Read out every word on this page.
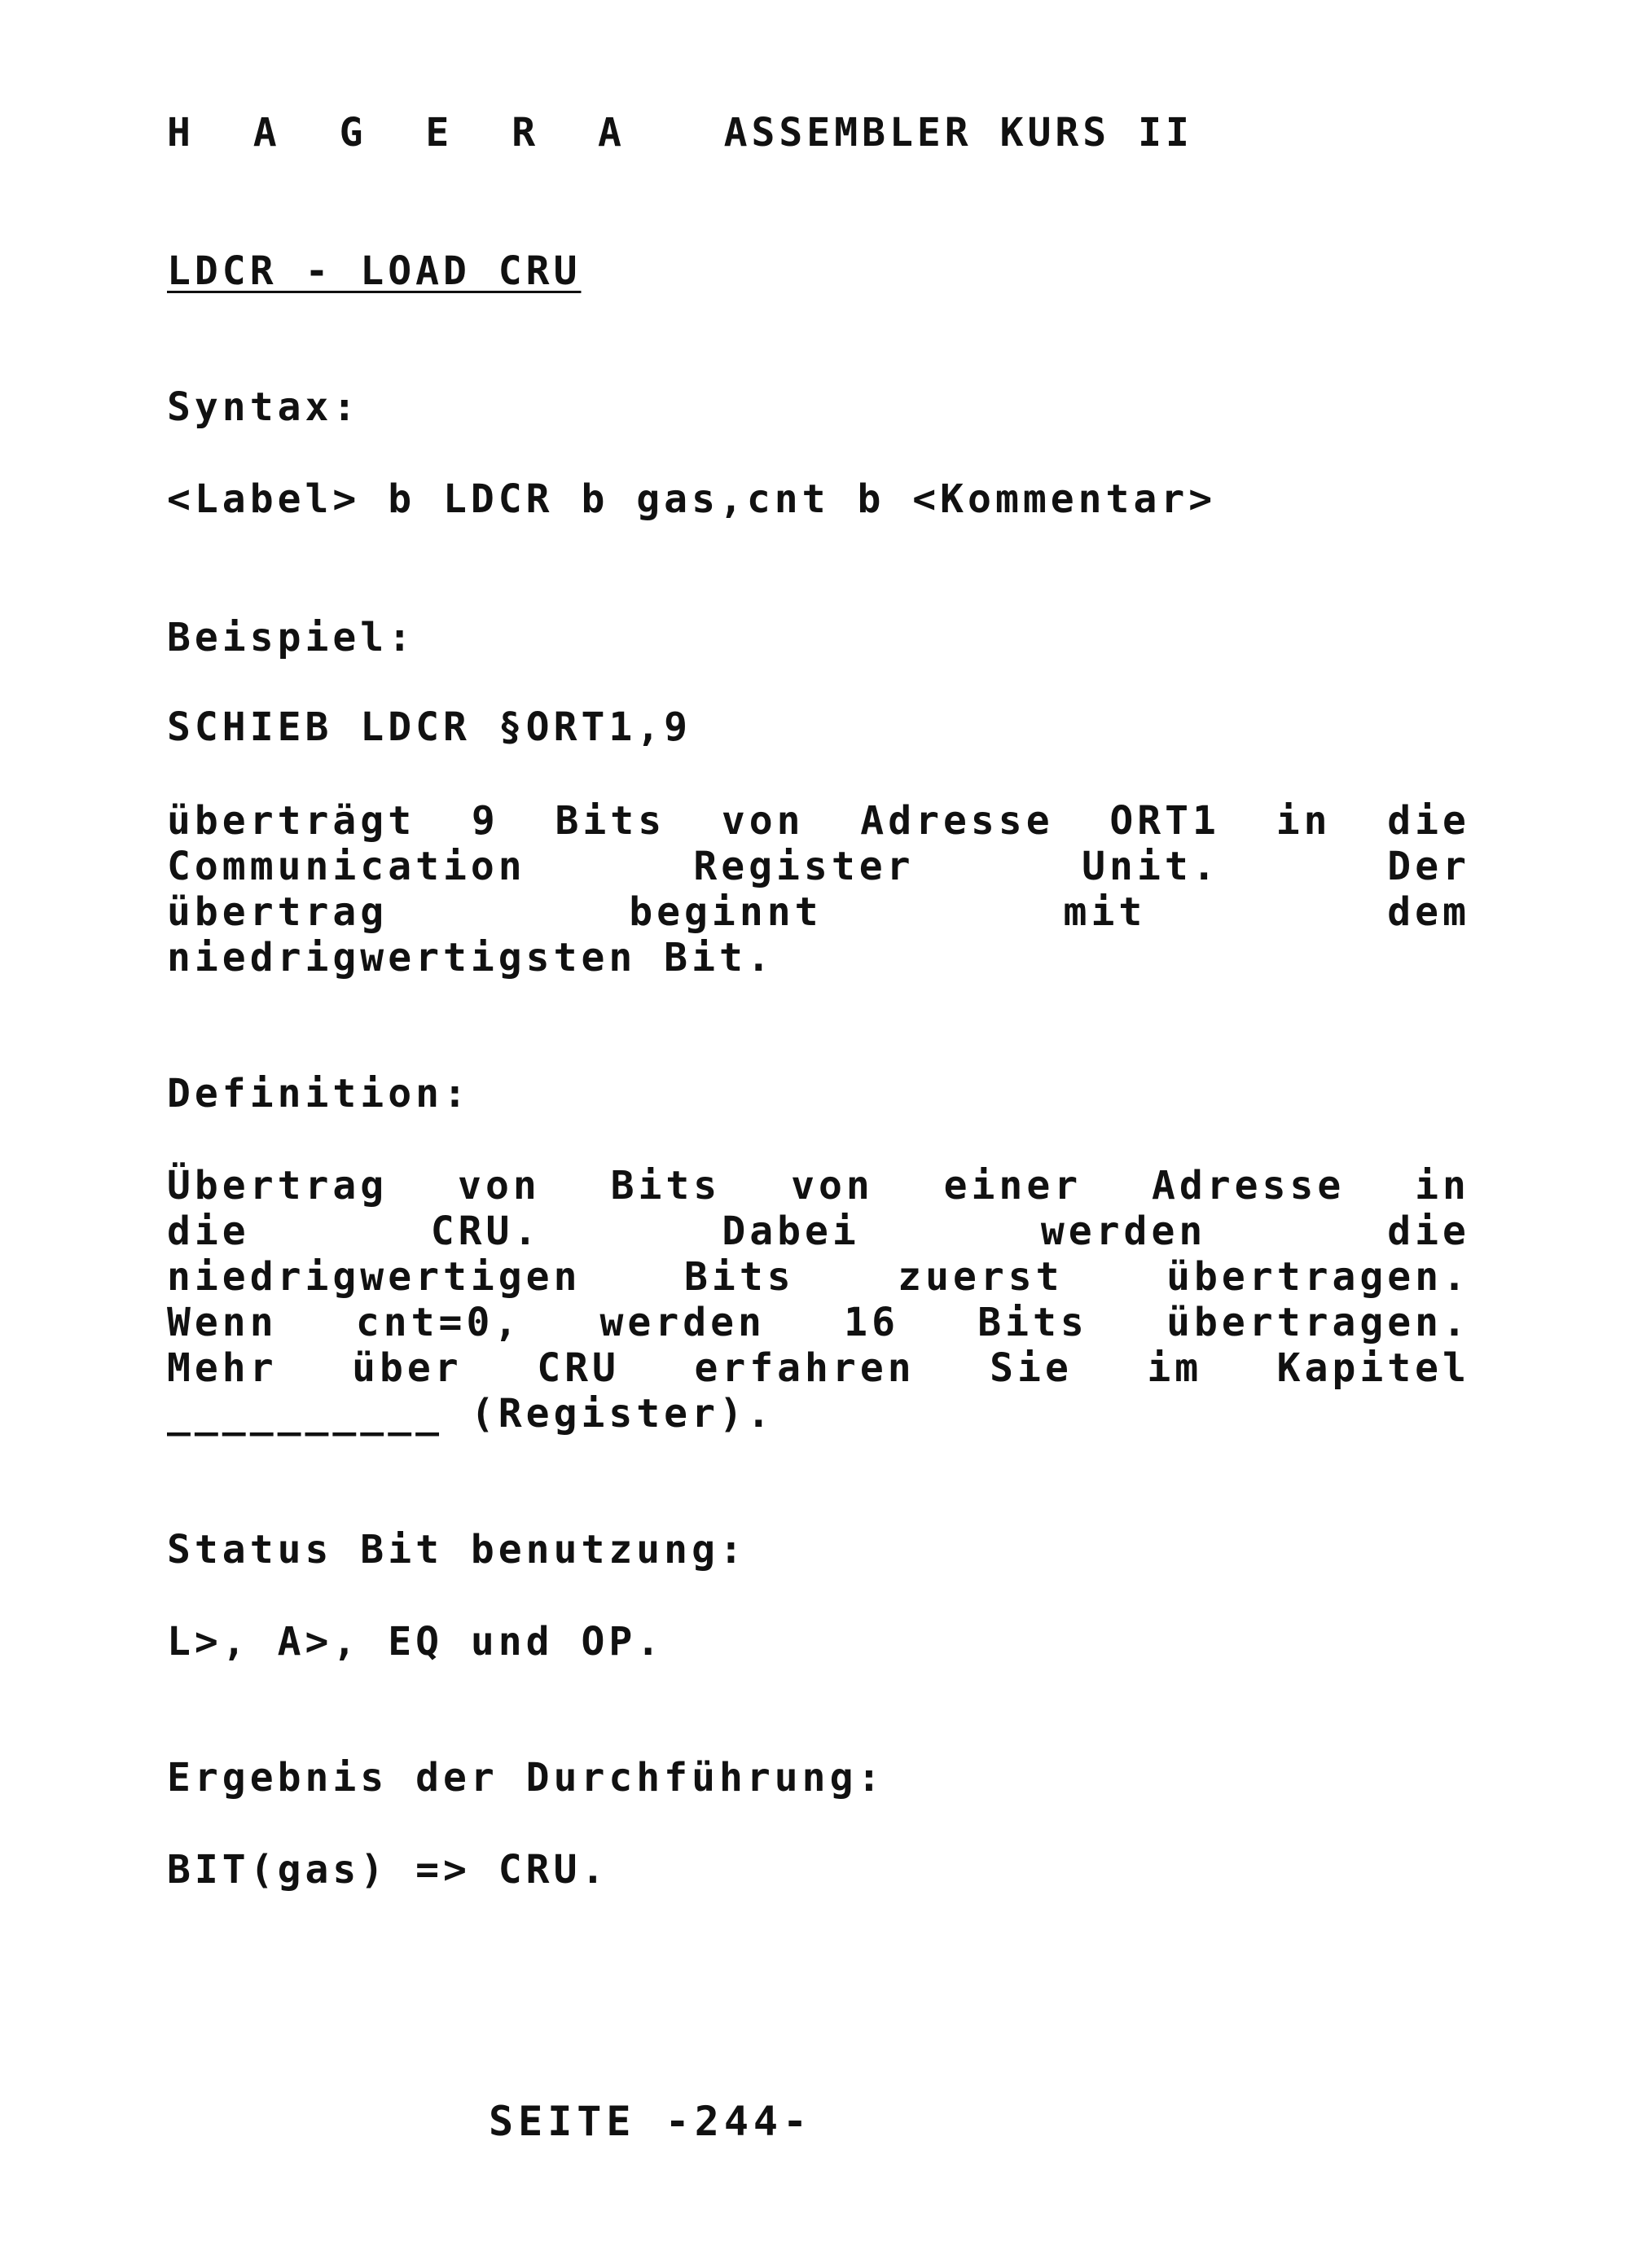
H A G E R A ASSEMBLER KURS II
LDCR - LOAD CRU
Syntax:
<Label> b LDCR b gas,cnt b <Kommentar>
Beispiel:
SCHIEB LDCR §ORT1,9
überträgt 9 Bits von Adresse ORT1 in die
Communication	Register	Unit.	Der
übertrag	beginnt	mit	dem
niedrigwertigsten Bit.
Definition:
Übertrag von Bits von einer Adresse in
die	CRU.	Dabei	werden	die
niedrigwertigen	Bits	zuerst	übertragen.
Wenn cnt=0, werden 16 Bits übertragen.
Mehr über CRU erfahren Sie im Kapitel
__________ (Register).
Status Bit benutzung:
L>, A>, EQ und OP.
Ergebnis der Durchführung:
BIT(gas) => CRU.
SEITE -244-
